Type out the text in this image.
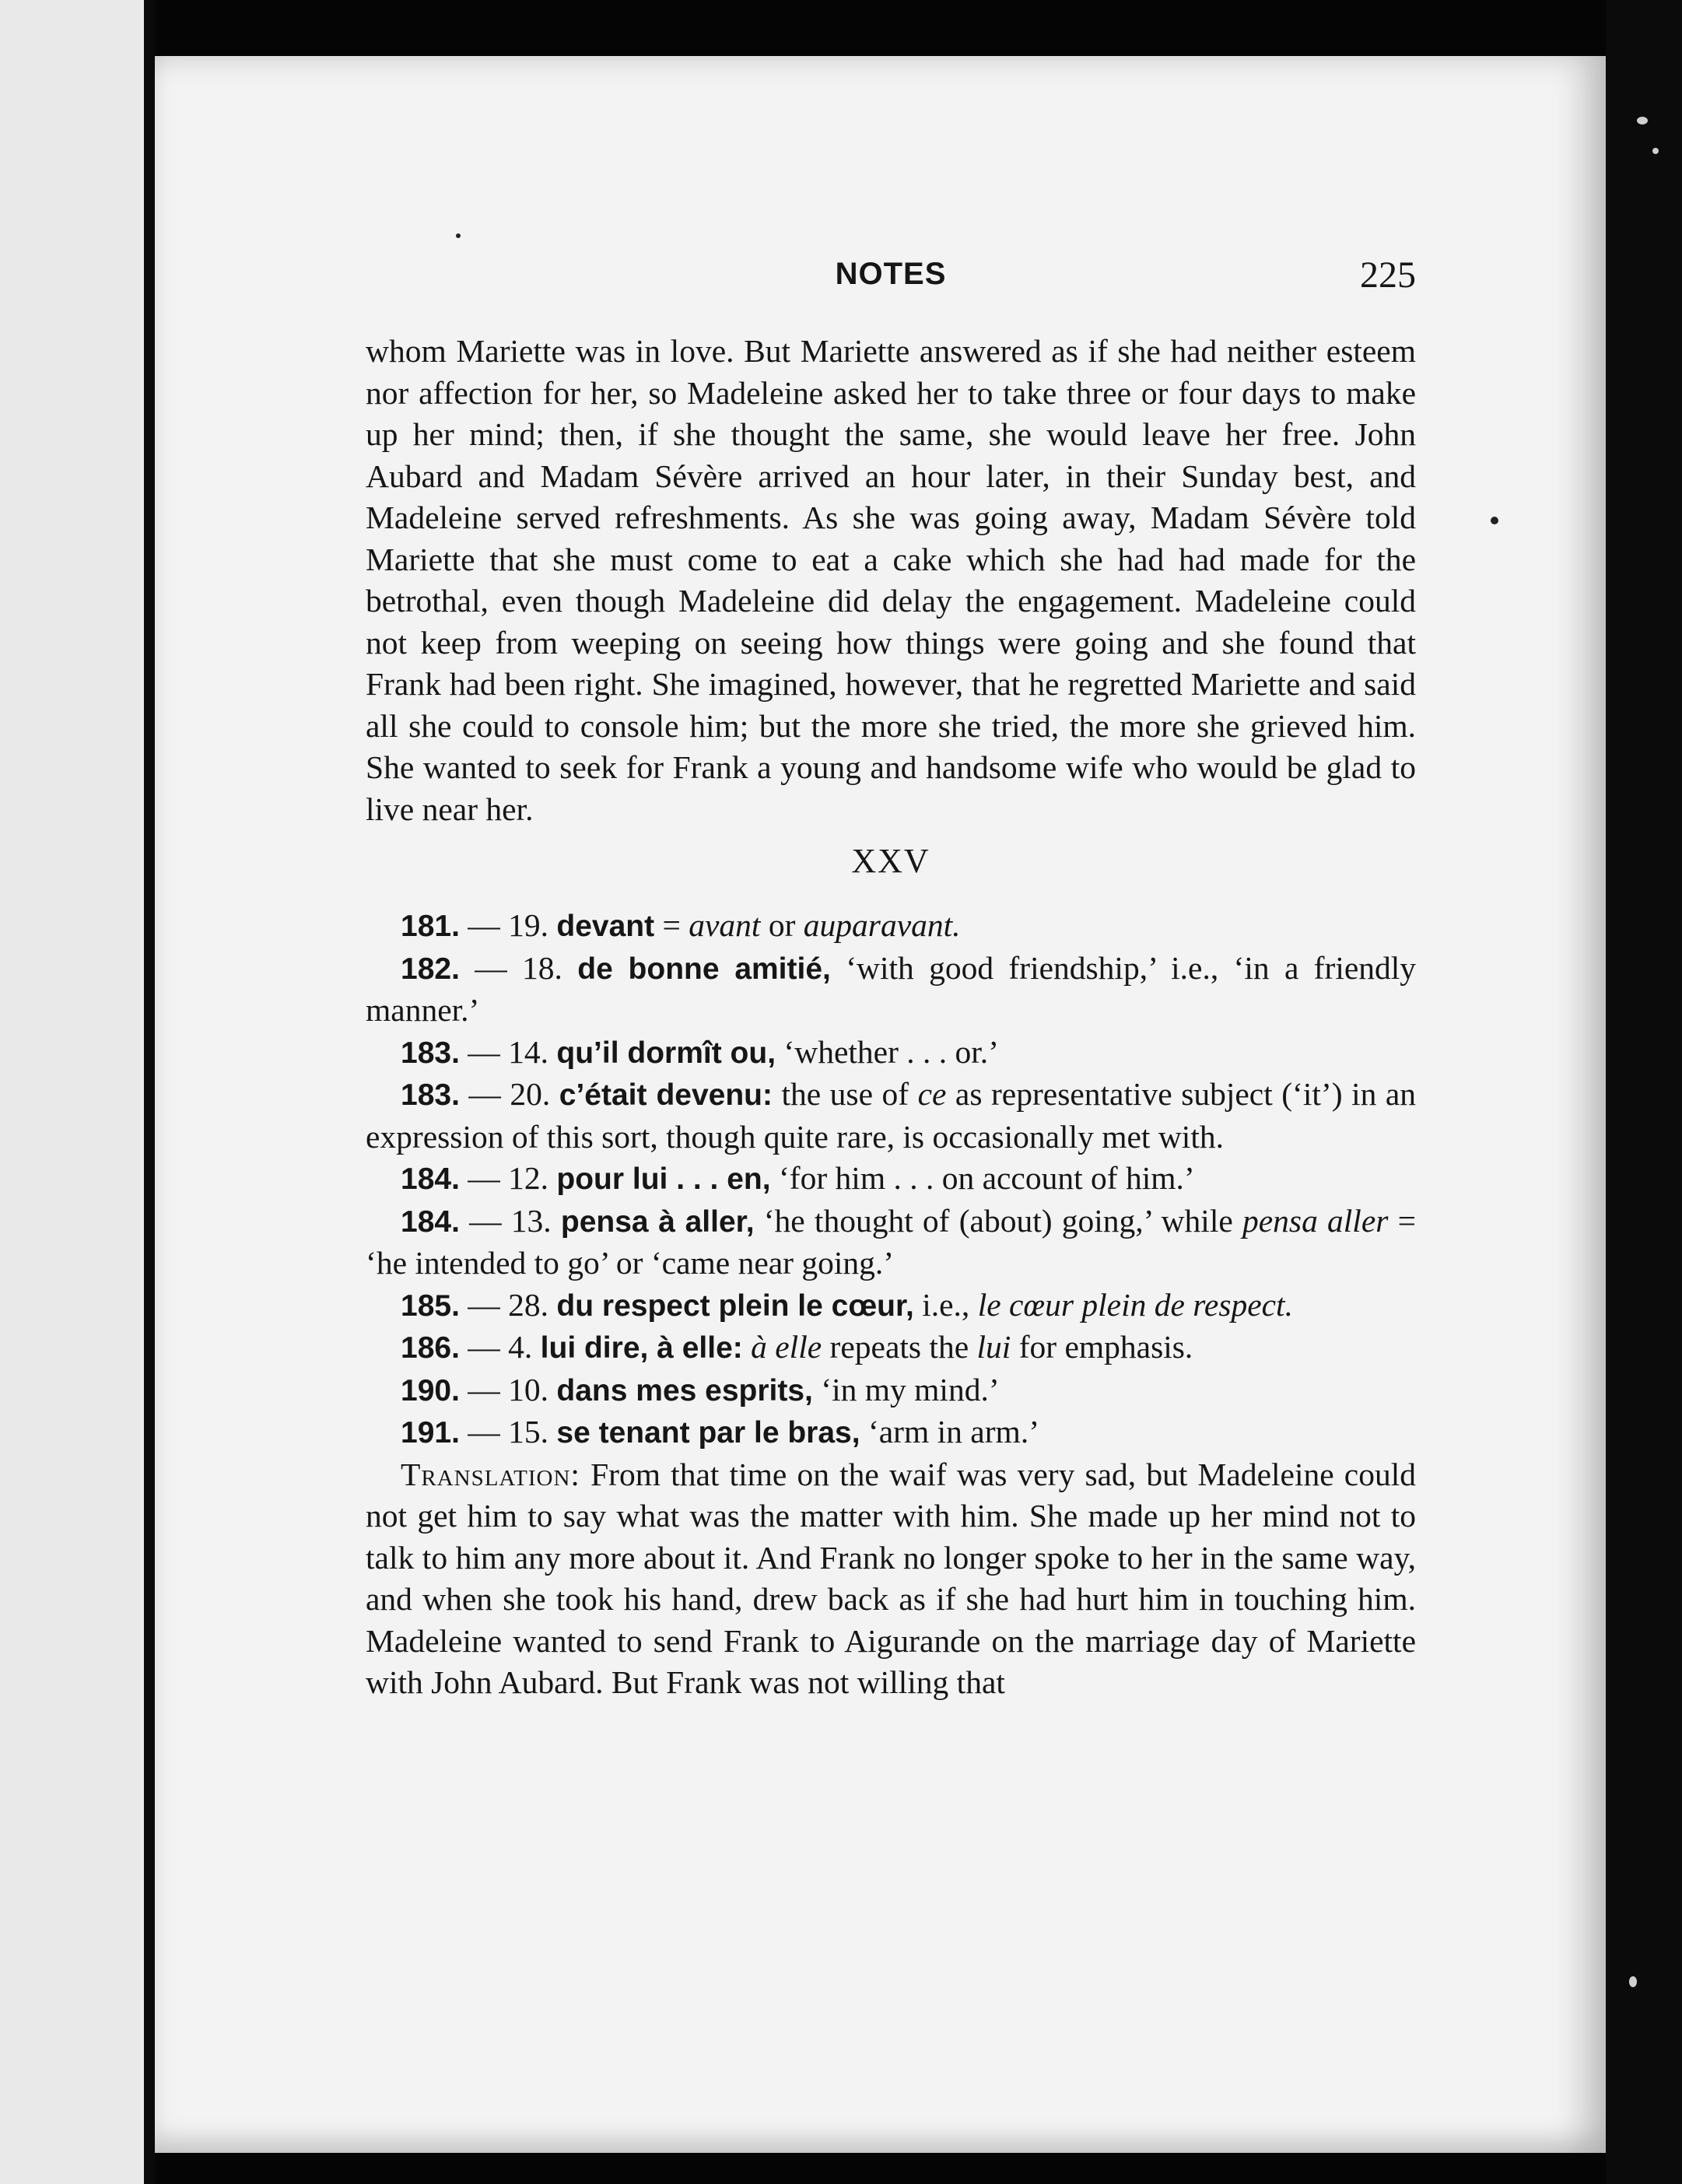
NOTES	225

whom Mariette was in love. But Mariette answered as if she had neither esteem nor affection for her, so Madeleine asked her to take three or four days to make up her mind; then, if she thought the same, she would leave her free. John Aubard and Madam Sévère arrived an hour later, in their Sunday best, and Madeleine served refreshments. As she was going away, Madam Sévère told Mariette that she must come to eat a cake which she had had made for the betrothal, even though Madeleine did delay the engagement. Madeleine could not keep from weeping on seeing how things were going and she found that Frank had been right. She imagined, however, that he regretted Mariette and said all she could to console him; but the more she tried, the more she grieved him. She wanted to seek for Frank a young and handsome wife who would be glad to live near her.

XXV

181. — 19. devant = avant or auparavant.

182. — 18. de bonne amitié, ‘with good friendship,’ i.e., ‘in a friendly manner.’

183. — 14. qu’il dormît ou, ‘whether . . . or.’

183. — 20. c’était devenu: the use of ce as representative subject (‘it’) in an expression of this sort, though quite rare, is occasionally met with.

184. — 12. pour lui . . . en, ‘for him . . . on account of him.’

184. — 13. pensa à aller, ‘he thought of (about) going,’ while pensa aller = ‘he intended to go’ or ‘came near going.’

185. — 28. du respect plein le cœur, i.e., le cœur plein de respect.

186. — 4. lui dire, à elle: à elle repeats the lui for emphasis.

190. — 10. dans mes esprits, ‘in my mind.’

191. — 15. se tenant par le bras, ‘arm in arm.’

Translation: From that time on the waif was very sad, but Madeleine could not get him to say what was the matter with him. She made up her mind not to talk to him any more about it. And Frank no longer spoke to her in the same way, and when she took his hand, drew back as if she had hurt him in touching him. Madeleine wanted to send Frank to Aigurande on the marriage day of Mariette with John Aubard. But Frank was not willing that
